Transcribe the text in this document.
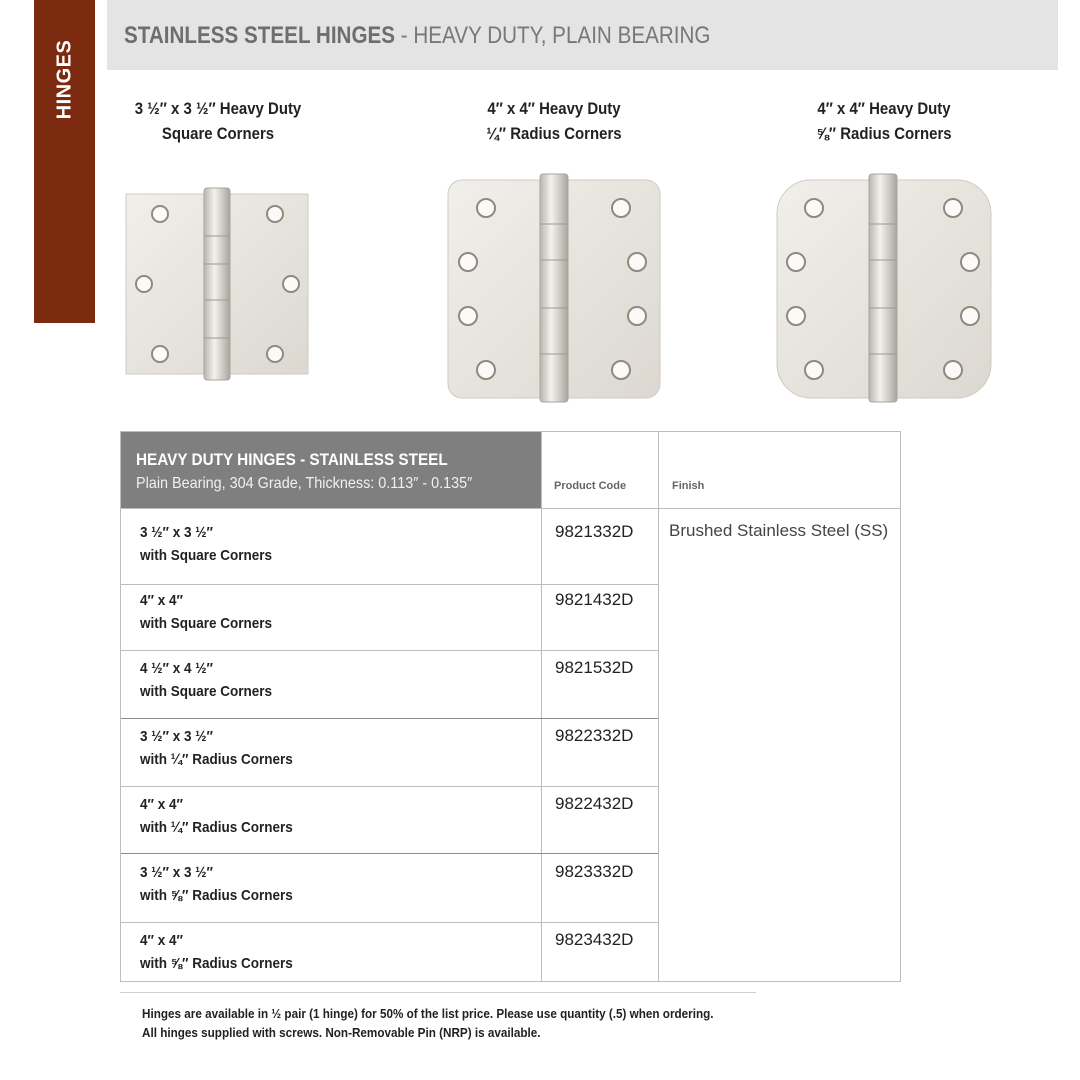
HINGES
STAINLESS STEEL HINGES - HEAVY DUTY, PLAIN BEARING
3 ½″ x 3 ½″ Heavy Duty
Square Corners
4″ x 4″ Heavy Duty
¼″ Radius Corners
4″ x 4″ Heavy Duty
⅝″ Radius Corners
HEAVY DUTY HINGES - STAINLESS STEEL
Plain Bearing, 304 Grade, Thickness: 0.113″ - 0.135″	Product Code	Finish
3 ½″ x 3 ½″
with Square Corners
9821332D
4″ x 4″
with Square Corners
9821432D
4 ½″ x 4 ½″
with Square Corners
9821532D
3 ½″ x 3 ½″
with ¼″ Radius Corners
9822332D
4″ x 4″
with ¼″ Radius Corners
9822432D
3 ½″ x 3 ½″
with ⅝″ Radius Corners
9823332D
4″ x 4″
with ⅝″ Radius Corners
9823432D
Brushed Stainless Steel (SS)
Hinges are available in ½ pair (1 hinge) for 50% of the list price. Please use quantity (.5) when ordering.
All hinges supplied with screws. Non-Removable Pin (NRP) is available.
